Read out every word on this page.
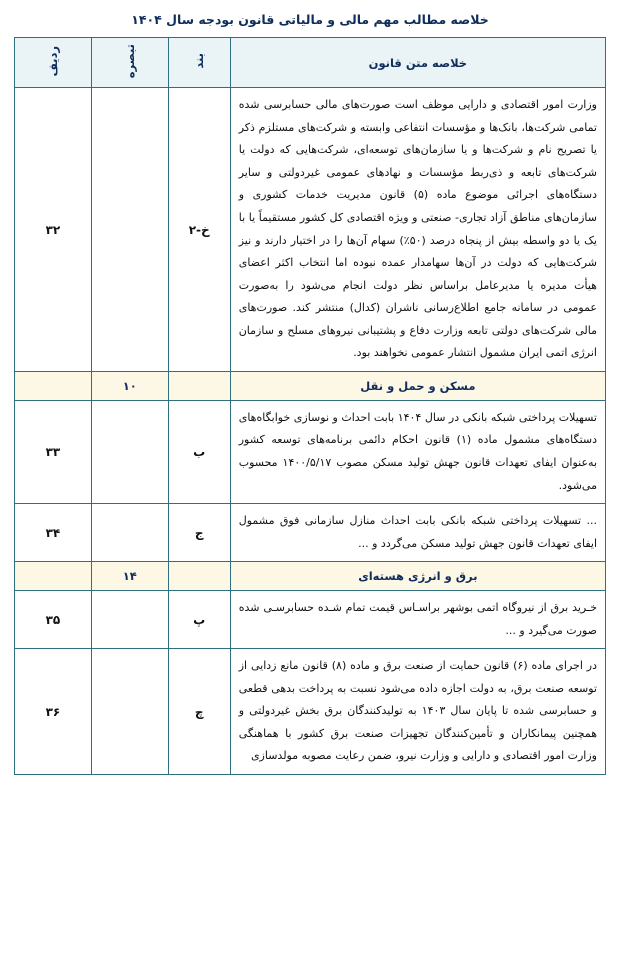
خلاصه مطالب مهم مالی و مالیاتی قانون بودجه سال ۱۴۰۴
خلاصه متن قانون	بند	تبصره	ردیف
وزارت امور اقتصادی و دارایی موظف است صورت‌های مالی حسابرسی شده تمامی شرکت‌ها، بانک‌ها و مؤسسات انتفاعی وابسته و شرکت‌های مستلزم ذکر یا تصریح نام و شرکت‌ها و یا سازمان‌های توسعه‌ای، شرکت‌هایی که دولت یا شرکت‌های تابعه و ذی‌ربط مؤسسات و نهادهای عمومی غیردولتی و سایر دستگاه‌های اجرائی موضوع ماده (۵) قانون مدیریت خدمات کشوری و سازمان‌های مناطق آزاد تجاری- صنعتی و ویژه اقتصادی کل کشور مستقیماً یا با یک یا دو واسطه بیش از پنجاه درصد (۵۰٪) سهام آن‌ها را در اختیار دارند و نیز شرکت‌هایی که دولت در آن‌ها سهامدار عمده نبوده اما انتخاب اکثر اعضای هیأت مدیره یا مدیرعامل براساس نظر دولت انجام می‌شود را به‌صورت عمومی در سامانه جامع اطلاع‌رسانی ناشران (کدال) منتشر کند. صورت‌های مالی شرکت‌های دولتی تابعه وزارت دفاع و پشتیبانی نیروهای مسلح و سازمان انرژی اتمی ایران مشمول انتشار عمومی نخواهند بود.	خ-۲		۳۲
مسکن و حمل و نقل		۱۰	
تسهیلات پرداختی شبکه بانکی در سال ۱۴۰۴ بابت احداث و نوسازی خوابگاه‌های دستگاه‌های مشمول ماده (۱) قانون احکام دائمی برنامه‌های توسعه کشور به‌عنوان ایفای تعهدات قانون جهش تولید مسکن مصوب ۱۴۰۰/۵/۱۷ محسوب می‌شود.	ب		۳۳
... تسهیلات پرداختی شبکه بانکی بابت احداث منازل سازمانی فوق مشمول ایفای تعهدات قانون جهش تولید مسکن می‌گردد و ...	ج		۳۴
برق و انرژی هسته‌ای		۱۴	
خـرید برق از نیروگاه اتمی بوشهر براسـاس قیمت تمام شـده حسابرسـی شده صورت می‌گیرد و ...	پ		۳۵
در اجرای ماده (۶) قانون حمایت از صنعت برق و ماده (۸) قانون مانع زدایی از توسعه صنعت برق، به دولت اجازه داده می‌شود نسبت به پرداخت بدهی قطعی و حسابرسی شده تا پایان سال ۱۴۰۳ به تولیدکنندگان برق بخش غیردولتی و همچنین پیمانکاران و تأمین‌کنندگان تجهیزات صنعت برق کشور با هماهنگی وزارت امور اقتصادی و دارایی و وزارت نیرو، ضمن رعایت مصوبه مولدسازی	چ		۳۶
